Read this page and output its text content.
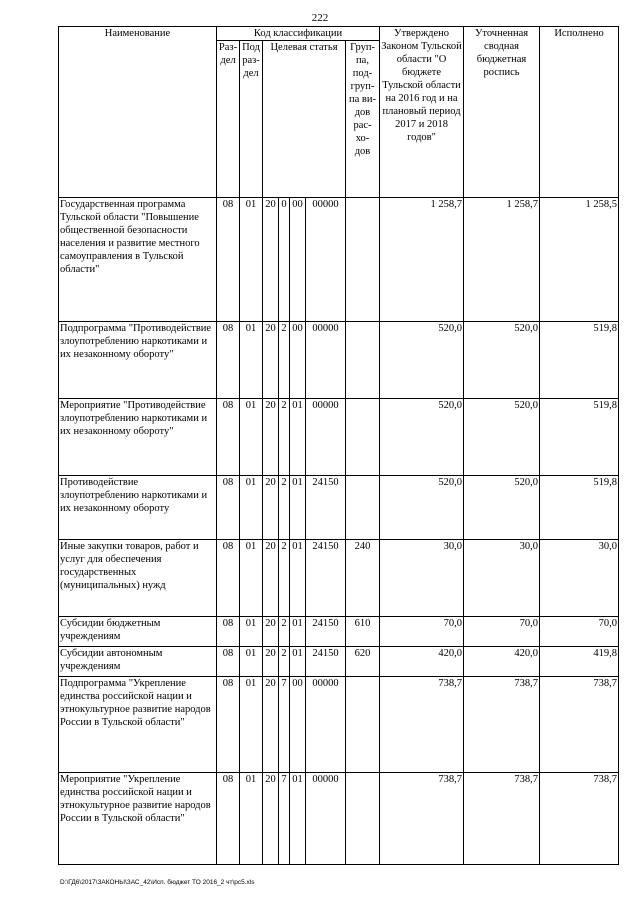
222
Наименование	Код классификации							Утверждено Законом Тульской области "О бюджете Тульской области на 2016 год и на плановый период 2017 и 2018 годов"	Уточненная сводная бюджетная роспись	Исполнено
	Раз- дел	Под раз- дел	Целевая статья				Груп- па, под- груп- па ви- дов рас- хо- дов			
Государственная программа Тульской области "Повышение общественной безопасности населения и развитие местного самоуправления в Тульской области"	08	01	20	0	00	00000		1 258,7	1 258,7	1 258,5
Подпрограмма "Противодействие злоупотреблению наркотиками и их незаконному обороту"	08	01	20	2	00	00000		520,0	520,0	519,8
Мероприятие "Противодействие злоупотреблению наркотиками и их незаконному обороту"	08	01	20	2	01	00000		520,0	520,0	519,8
Противодействие злоупотреблению наркотиками и их незаконному обороту	08	01	20	2	01	24150		520,0	520,0	519,8
Иные закупки товаров, работ и услуг для обеспечения государственных (муниципальных) нужд	08	01	20	2	01	24150	240	30,0	30,0	30,0
Субсидии бюджетным учреждениям	08	01	20	2	01	24150	610	70,0	70,0	70,0
Субсидии автономным учреждениям	08	01	20	2	01	24150	620	420,0	420,0	419,8
Подпрограмма "Укрепление единства российской нации и этнокультурное развитие народов России в Тульской области"	08	01	20	7	00	00000		738,7	738,7	738,7
Мероприятие "Укрепление единства российской нации и этнокультурное развитие народов России в Тульской области"	08	01	20	7	01	00000		738,7	738,7	738,7
D:\ГД6\2017\ЗАКОНЫ\ЗАС_42\Исп. бюджет ТО 2016_2 чт\рс5.xls
